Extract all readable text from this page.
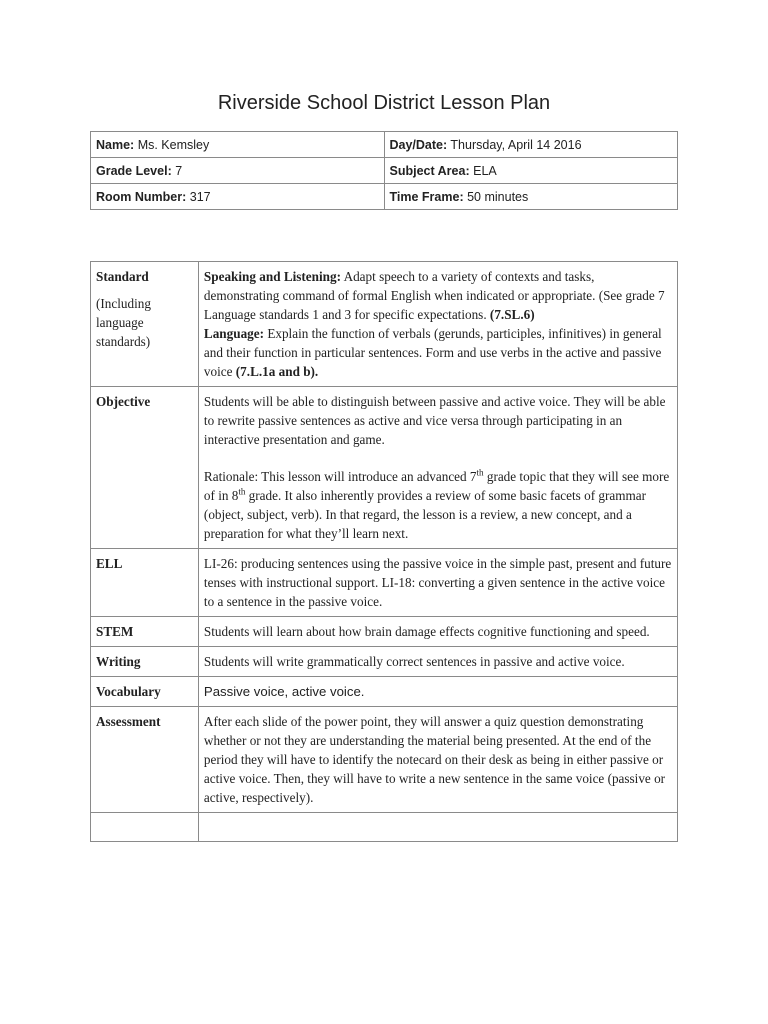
Riverside School District Lesson Plan
Name: Ms. Kemsley	Day/Date: Thursday, April 14 2016
Grade Level: 7	Subject Area: ELA
Room Number: 317	Time Frame: 50 minutes
Standard
(Including language standards)	Speaking and Listening: Adapt speech to a variety of contexts and tasks, demonstrating command of formal English when indicated or appropriate. (See grade 7 Language standards 1 and 3 for specific expectations. (7.SL.6)
Language: Explain the function of verbals (gerunds, participles, infinitives) in general and their function in particular sentences. Form and use verbs in the active and passive voice (7.L.1a and b).
Objective	Students will be able to distinguish between passive and active voice. They will be able to rewrite passive sentences as active and vice versa through participating in an interactive presentation and game.
Rationale: This lesson will introduce an advanced 7th grade topic that they will see more of in 8th grade. It also inherently provides a review of some basic facets of grammar (object, subject, verb). In that regard, the lesson is a review, a new concept, and a preparation for what they’ll learn next.

ELL	LI-26: producing sentences using the passive voice in the simple past, present and future tenses with instructional support. LI-18: converting a given sentence in the active voice to a sentence in the passive voice.
STEM	Students will learn about how brain damage effects cognitive functioning and speed.
Writing	Students will write grammatically correct sentences in passive and active voice.
Vocabulary	Passive voice, active voice.
Assessment	After each slide of the power point, they will answer a quiz question demonstrating whether or not they are understanding the material being presented. At the end of the period they will have to identify the notecard on their desk as being in either passive or active voice. Then, they will have to write a new sentence in the same voice (passive or active, respectively).
